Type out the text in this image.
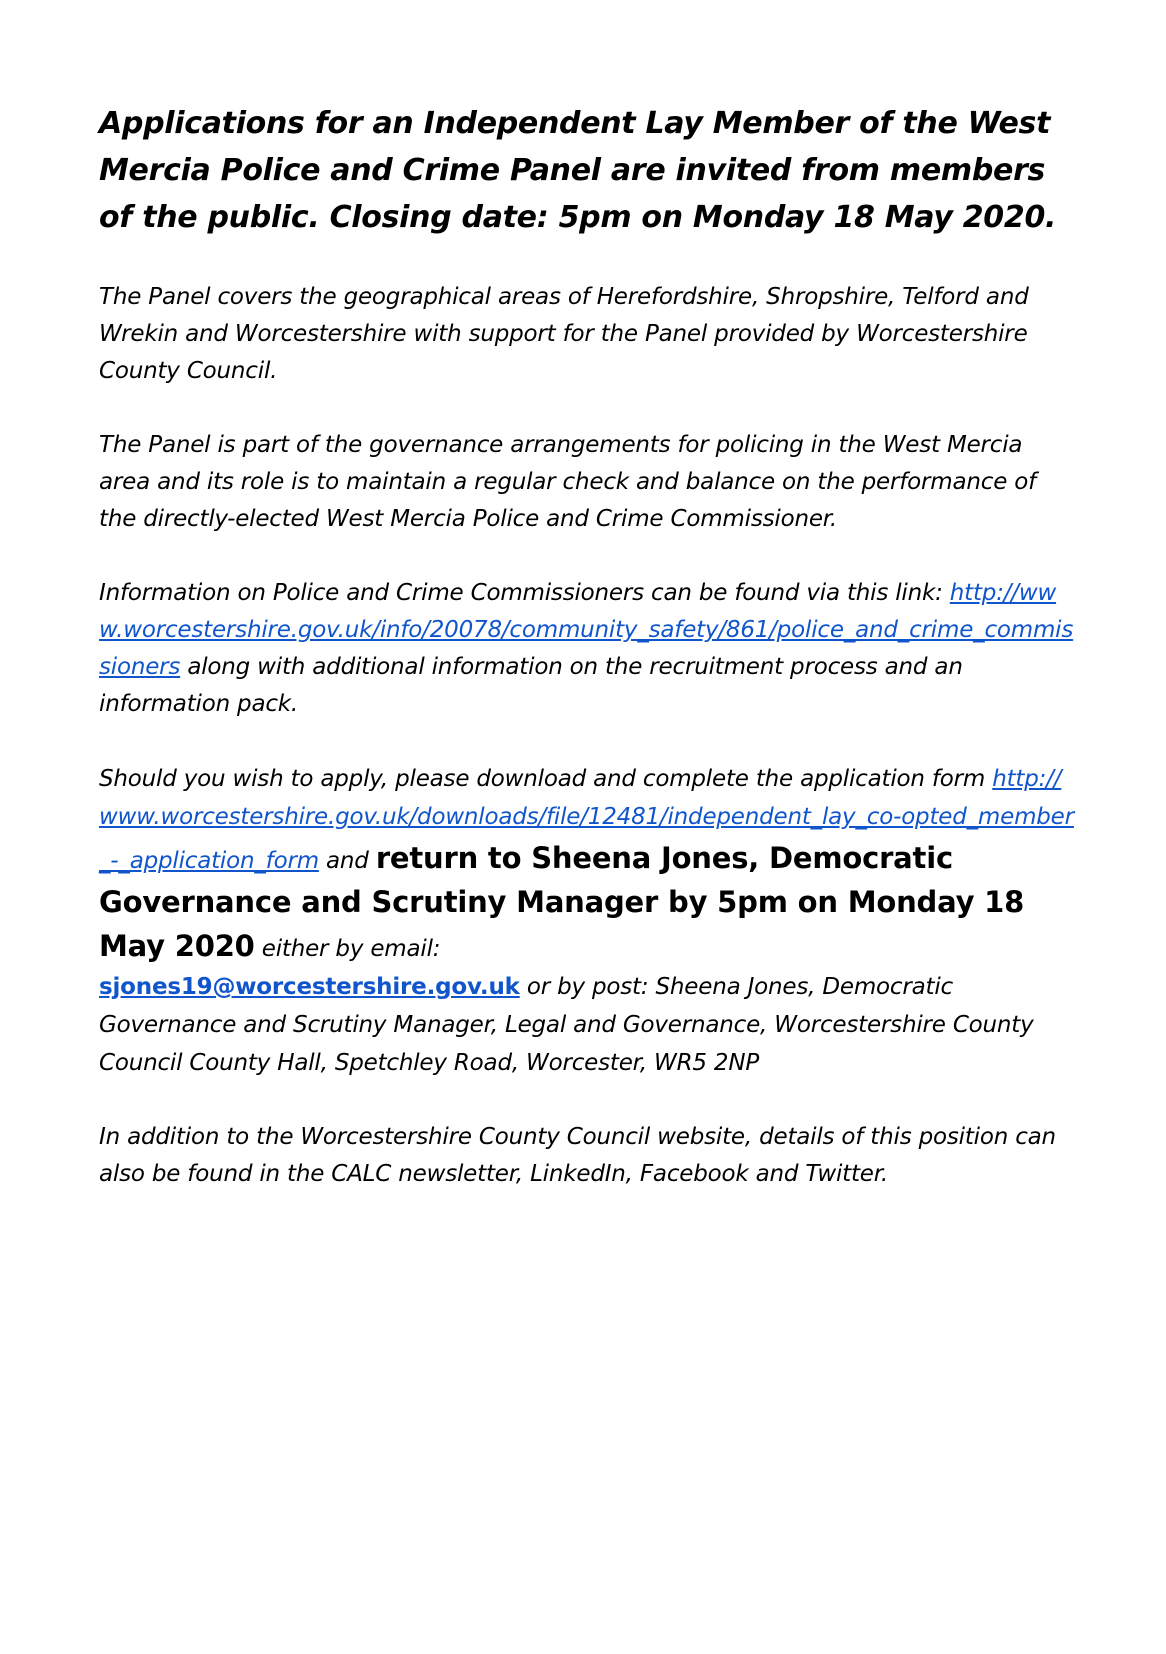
Applications for an Independent Lay Member of the West Mercia Police and Crime Panel are invited from members of the public. Closing date: 5pm on Monday 18 May 2020.

The Panel covers the geographical areas of Herefordshire, Shropshire, Telford and Wrekin and Worcestershire with support for the Panel provided by Worcestershire County Council.

The Panel is part of the governance arrangements for policing in the West Mercia area and its role is to maintain a regular check and balance on the performance of the directly-elected West Mercia Police and Crime Commissioner.

Information on Police and Crime Commissioners can be found via this link: http://www.worcestershire.gov.uk/info/20078/community_safety/861/police_and_crime_commissioners along with additional information on the recruitment process and an information pack.

Should you wish to apply, please download and complete the application form http://www.worcestershire.gov.uk/downloads/file/12481/independent_lay_co-opted_member_-_application_form and return to Sheena Jones, Democratic Governance and Scrutiny Manager by 5pm on Monday 18 May 2020 either by email:
sjones19@worcestershire.gov.uk or by post: Sheena Jones, Democratic Governance and Scrutiny Manager, Legal and Governance, Worcestershire County Council County Hall, Spetchley Road, Worcester, WR5 2NP

In addition to the Worcestershire County Council website, details of this position can also be found in the CALC newsletter, LinkedIn, Facebook and Twitter.
